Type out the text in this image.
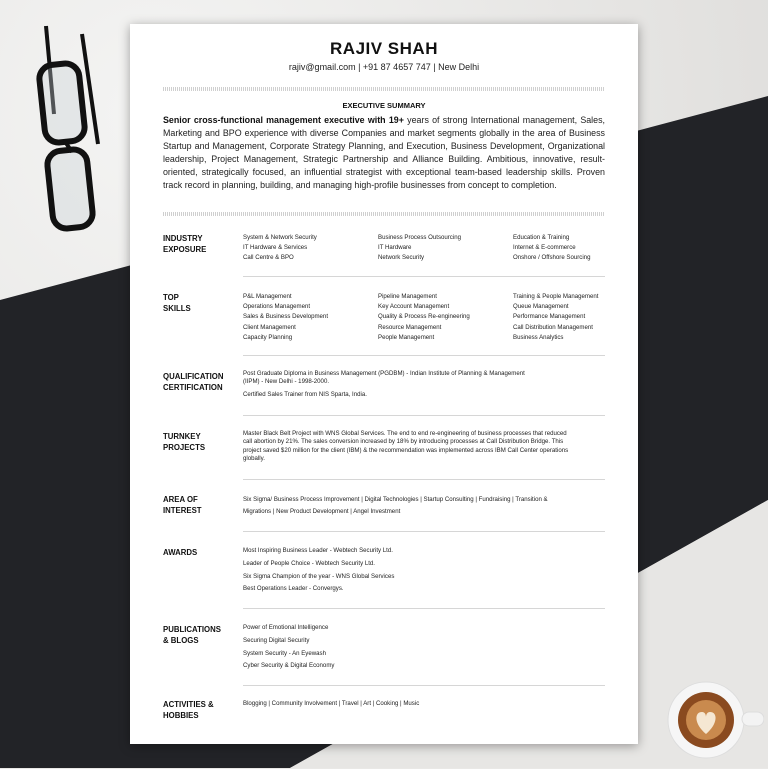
RAJIV SHAH
rajiv@gmail.com | +91 87 4657 747 | New Delhi
EXECUTIVE SUMMARY

Senior cross-functional management executive with 19+ years of strong International management, Sales, Marketing and BPO experience with diverse Companies and market segments globally in the area of Business Startup and Management, Corporate Strategy Planning, and Execution, Business Development, Organizational leadership, Project Management, Strategic Partnership and Alliance Building. Ambitious, innovative, result-oriented, strategically focused, an influential strategist with exceptional team-based leadership skills. Proven track record in planning, building, and managing high-profile businesses from concept to completion.

INDUSTRY
EXPOSURE
System & Network Security
IT Hardware & Services
Call Centre & BPO
Business Process Outsourcing
IT Hardware
Network Security
Education & Training
Internet & E-commerce
Onshore / Offshore Sourcing
TOP
SKILLS
P&L Management
Operations Management
Sales & Business Development
Client Management
Capacity Planning
Pipeline Management
Key Account Management
Quality & Process Re-engineering
Resource Management
People Management
Training & People Management
Queue Management
Performance Management
Call Distribution Management
Business Analytics
QUALIFICATION
CERTIFICATION
Post Graduate Diploma in Business Management (PGDBM) - Indian Institute of Planning & Management
(IIPM) - New Delhi - 1998-2000.
Certified Sales Trainer from NIS Sparta, India.
TURNKEY
PROJECTS
Master Black Belt Project with WNS Global Services. The end to end re-engineering of business processes that reduced call abortion by 21%. The sales conversion increased by 18% by introducing processes at Call Distribution Bridge. This project saved $20 million for the client (IBM) & the recommendation was implemented across IBM Call Center operations globally.
AREA OF
INTEREST
Six Sigma/ Business Process Improvement | Digital Technologies | Startup Consulting | Fundraising | Transition &
Migrations | New Product Development | Angel Investment
AWARDS	Most Inspiring Business Leader - Webtech Security Ltd.
Leader of People Choice - Webtech Security Ltd.
Six Sigma Champion of the year - WNS Global Services
Best Operations Leader - Convergys.
PUBLICATIONS
& BLOGS
Power of Emotional Intelligence
Securing Digital Security
System Security - An Eyewash
Cyber Security & Digital Economy
ACTIVITIES &
HOBBIES
Blogging | Community Involvement | Travel | Art | Cooking | Music
